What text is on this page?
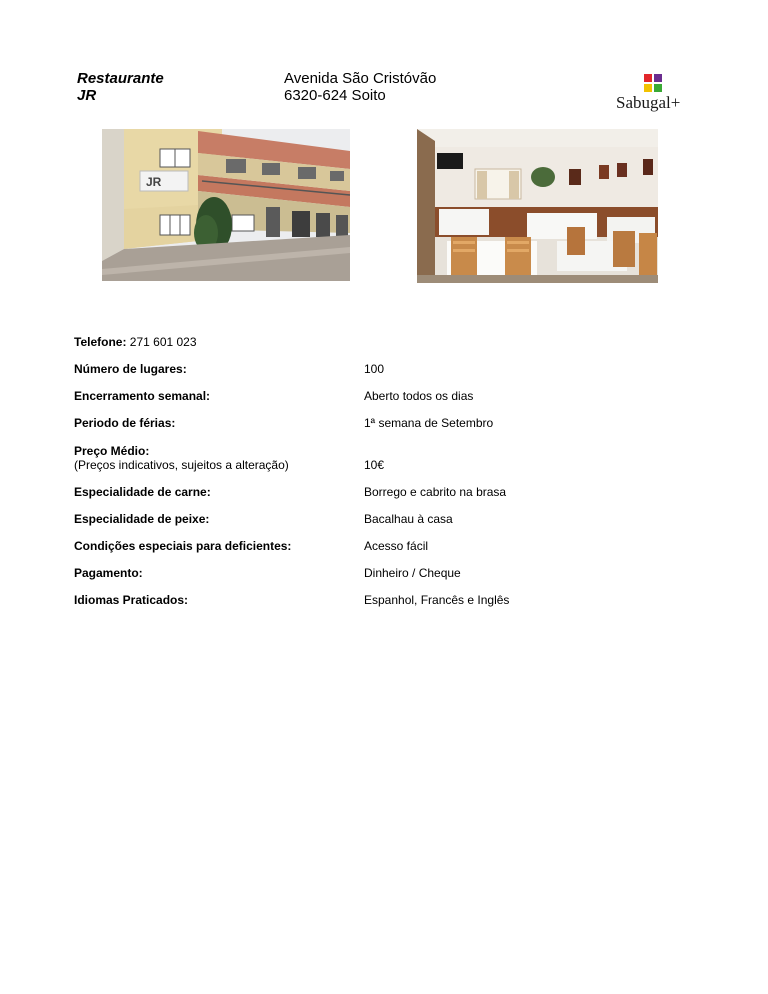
Restaurante
JR
Avenida São Cristóvão
6320-624 Soito	Sabugal+
JR
Telefone: 271 601 023
Número de lugares:	100
Encerramento semanal:	Aberto todos os dias
Periodo de férias:	1ª semana de Setembro
Preço Médio:
(Preços indicativos, sujeitos a alteração)	10€
Especialidade de carne:	Borrego e cabrito na brasa
Especialidade de peixe:	Bacalhau à casa
Condições especiais para deficientes:	Acesso fácil
Pagamento:	Dinheiro / Cheque
Idiomas Praticados:	Espanhol, Francês e Inglês
